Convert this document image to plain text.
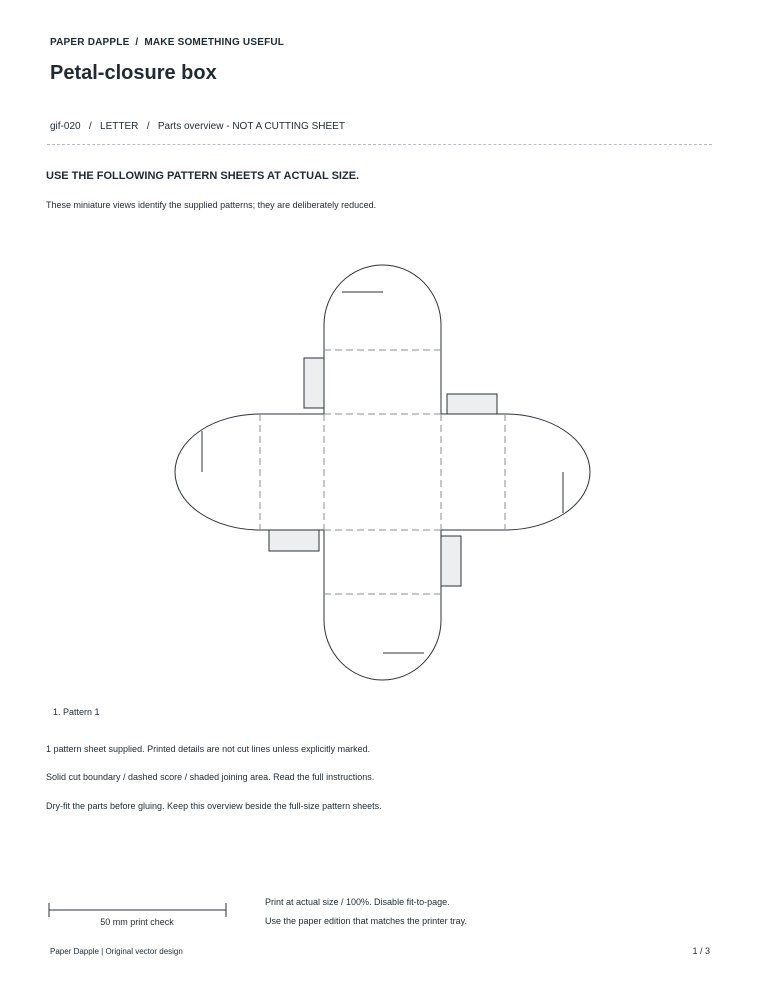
PAPER DAPPLE  /  MAKE SOMETHING USEFUL
Petal-closure box
gif-020   /   LETTER   /   Parts overview - NOT A CUTTING SHEET
USE THE FOLLOWING PATTERN SHEETS AT ACTUAL SIZE.
These miniature views identify the supplied patterns; they are deliberately reduced.
1. Pattern 1
1 pattern sheet supplied. Printed details are not cut lines unless explicitly marked.
Solid cut boundary / dashed score / shaded joining area. Read the full instructions.
Dry-fit the parts before gluing. Keep this overview beside the full-size pattern sheets.
50 mm print check
Print at actual size / 100%. Disable fit-to-page.
Use the paper edition that matches the printer tray.
Paper Dapple | Original vector design	1 / 3
